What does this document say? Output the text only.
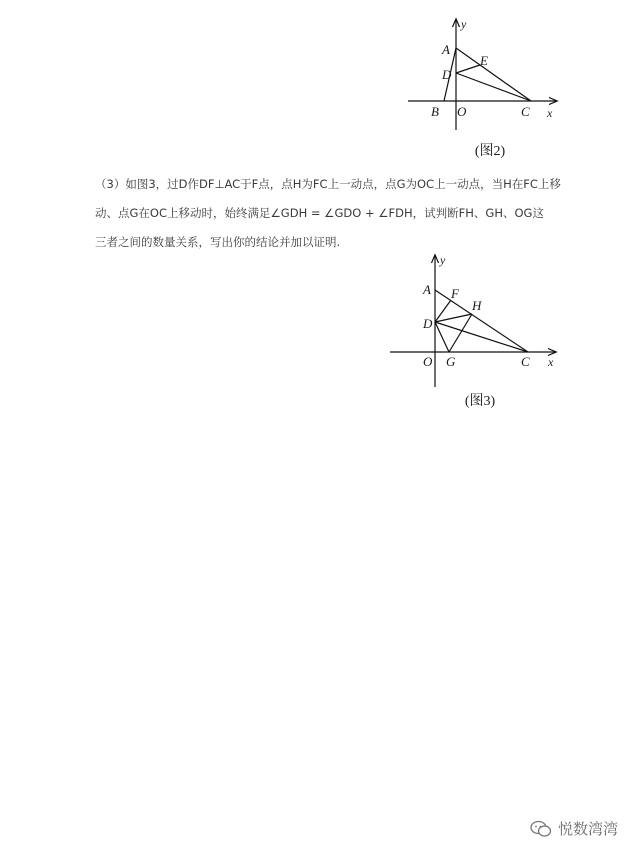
y
A
E
D
B O	C x
(图2)
（3）如图3，过D作DF⊥AC于F点，点H为FC上一动点，点G为OC上一动点，当H在FC上移
动、点G在OC上移动时，始终满足∠GDH = ∠GDO + ∠FDH，试判断FH、GH、OG这
三者之间的数量关系，写出你的结论并加以证明.
y
A F
H
D
O G	C x
(图3)
悦数湾湾
